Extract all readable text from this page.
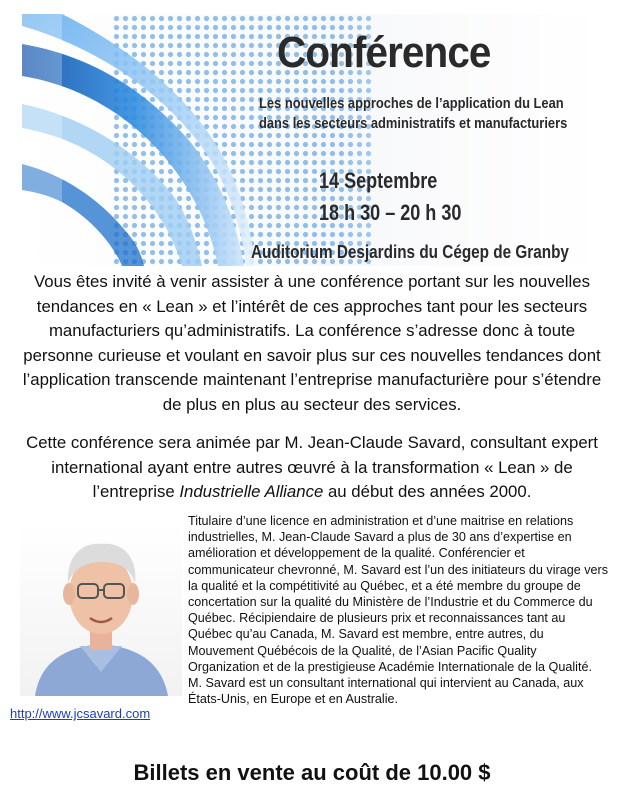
Conférence
Les nouvelles approches de l’application du Lean
dans les secteurs administratifs et manufacturiers
14 Septembre
18 h 30 – 20 h 30
Auditorium Desjardins du Cégep de Granby
Vous êtes invité à venir assister à une conférence portant sur les nouvelles tendances en « Lean » et l’intérêt de ces approches tant pour les secteurs manufacturiers qu’administratifs. La conférence s’adresse donc à toute personne curieuse et voulant en savoir plus sur ces nouvelles tendances dont l’application transcende maintenant l’entreprise manufacturière pour s’étendre de plus en plus au secteur des services.
Cette conférence sera animée par M. Jean-Claude Savard, consultant expert international ayant entre autres œuvré à la transformation « Lean » de l’entreprise Industrielle Alliance au début des années 2000.
http://www.jcsavard.com
Titulaire d’une licence en administration et d’une maitrise en relations industrielles, M. Jean-Claude Savard a plus de 30 ans d’expertise en amélioration et développement de la qualité. Conférencier et communicateur chevronné, M. Savard est l’un des initiateurs du virage vers la qualité et la compétitivité au Québec, et a été membre du groupe de concertation sur la qualité du Ministère de l’Industrie et du Commerce du Québec. Récipiendaire de plusieurs prix et reconnaissances tant au Québec qu’au Canada, M. Savard est membre, entre autres, du Mouvement Québécois de la Qualité, de l’Asian Pacific Quality Organization et de la prestigieuse Académie Internationale de la Qualité. M. Savard est un consultant international qui intervient au Canada, aux États-Unis, en Europe et en Australie.
Billets en vente au coût de 10.00 $
